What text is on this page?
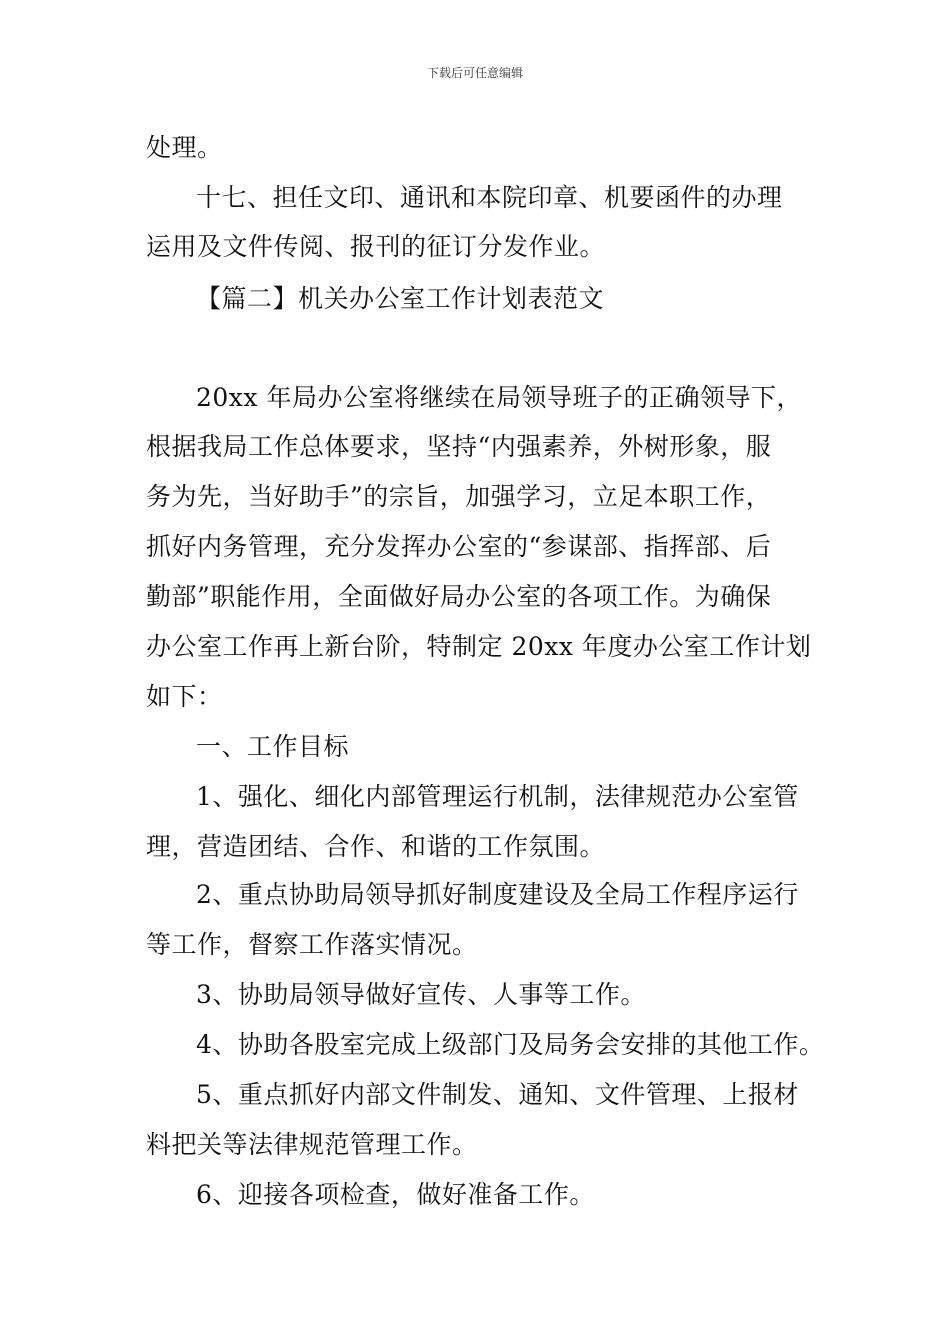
下载后可任意编辑
处理。
十七、担任文印、通讯和本院印章、机要函件的办理
运用及文件传阅、报刊的征订分发作业。
【篇二】机关办公室工作计划表范文
20xx 年局办公室将继续在局领导班子的正确领导下，
根据我局工作总体要求，坚持“内强素养，外树形象，服
务为先，当好助手”的宗旨，加强学习，立足本职工作，
抓好内务管理，充分发挥办公室的“参谋部、指挥部、后
勤部”职能作用，全面做好局办公室的各项工作。为确保
办公室工作再上新台阶，特制定 20xx 年度办公室工作计划
如下：
一、工作目标
1、强化、细化内部管理运行机制，法律规范办公室管
理，营造团结、合作、和谐的工作氛围。
2、重点协助局领导抓好制度建设及全局工作程序运行
等工作，督察工作落实情况。
3、协助局领导做好宣传、人事等工作。
4、协助各股室完成上级部门及局务会安排的其他工作。
5、重点抓好内部文件制发、通知、文件管理、上报材
料把关等法律规范管理工作。
6、迎接各项检查，做好准备工作。
